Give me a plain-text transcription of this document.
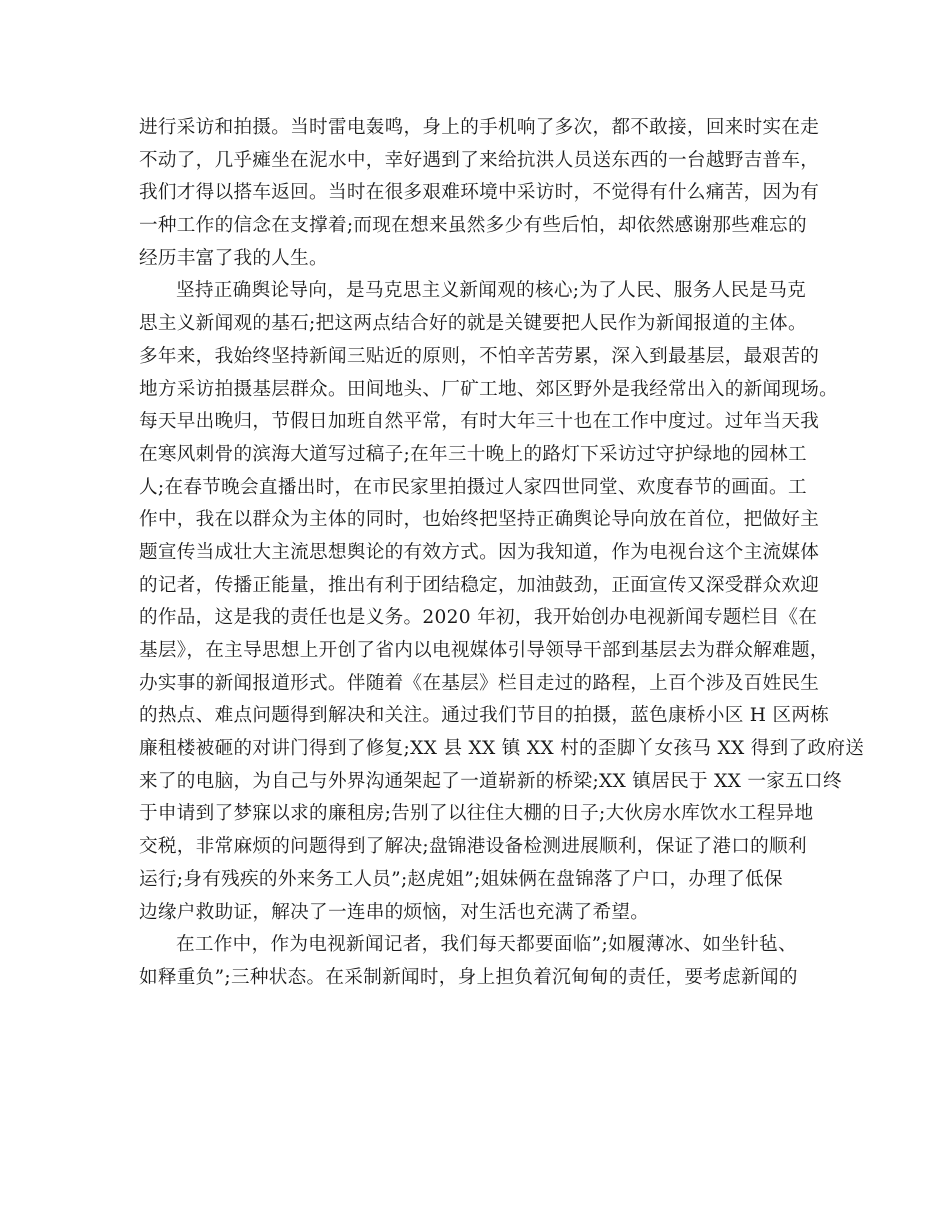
进行采访和拍摄。当时雷电轰鸣，身上的手机响了多次，都不敢接，回来时实在走
不动了，几乎瘫坐在泥水中，幸好遇到了来给抗洪人员送东西的一台越野吉普车，
我们才得以搭车返回。当时在很多艰难环境中采访时，不觉得有什么痛苦，因为有
一种工作的信念在支撑着;而现在想来虽然多少有些后怕，却依然感谢那些难忘的
经历丰富了我的人生。
坚持正确舆论导向，是马克思主义新闻观的核心;为了人民、服务人民是马克
思主义新闻观的基石;把这两点结合好的就是关键要把人民作为新闻报道的主体。
多年来，我始终坚持新闻三贴近的原则，不怕辛苦劳累，深入到最基层，最艰苦的
地方采访拍摄基层群众。田间地头、厂矿工地、郊区野外是我经常出入的新闻现场。
每天早出晚归，节假日加班自然平常，有时大年三十也在工作中度过。过年当天我
在寒风刺骨的滨海大道写过稿子;在年三十晚上的路灯下采访过守护绿地的园林工
人;在春节晚会直播出时，在市民家里拍摄过人家四世同堂、欢度春节的画面。工
作中，我在以群众为主体的同时，也始终把坚持正确舆论导向放在首位，把做好主
题宣传当成壮大主流思想舆论的有效方式。因为我知道，作为电视台这个主流媒体
的记者，传播正能量，推出有利于团结稳定，加油鼓劲，正面宣传又深受群众欢迎
的作品，这是我的责任也是义务。2020 年初，我开始创办电视新闻专题栏目《在
基层》，在主导思想上开创了省内以电视媒体引导领导干部到基层去为群众解难题，
办实事的新闻报道形式。伴随着《在基层》栏目走过的路程，上百个涉及百姓民生
的热点、难点问题得到解决和关注。通过我们节目的拍摄，蓝色康桥小区 H 区两栋
廉租楼被砸的对讲门得到了修复;XX 县 XX 镇 XX 村的歪脚丫女孩马 XX 得到了政府送
来了的电脑，为自己与外界沟通架起了一道崭新的桥梁;XX 镇居民于 XX 一家五口终
于申请到了梦寐以求的廉租房;告别了以往住大棚的日子;大伙房水库饮水工程异地
交税，非常麻烦的问题得到了解决;盘锦港设备检测进展顺利，保证了港口的顺利
运行;身有残疾的外来务工人员”;赵虎姐”;姐妹俩在盘锦落了户口，办理了低保
边缘户救助证，解决了一连串的烦恼，对生活也充满了希望。
在工作中，作为电视新闻记者，我们每天都要面临”;如履薄冰、如坐针毡、
如释重负”;三种状态。在采制新闻时，身上担负着沉甸甸的责任，要考虑新闻的
